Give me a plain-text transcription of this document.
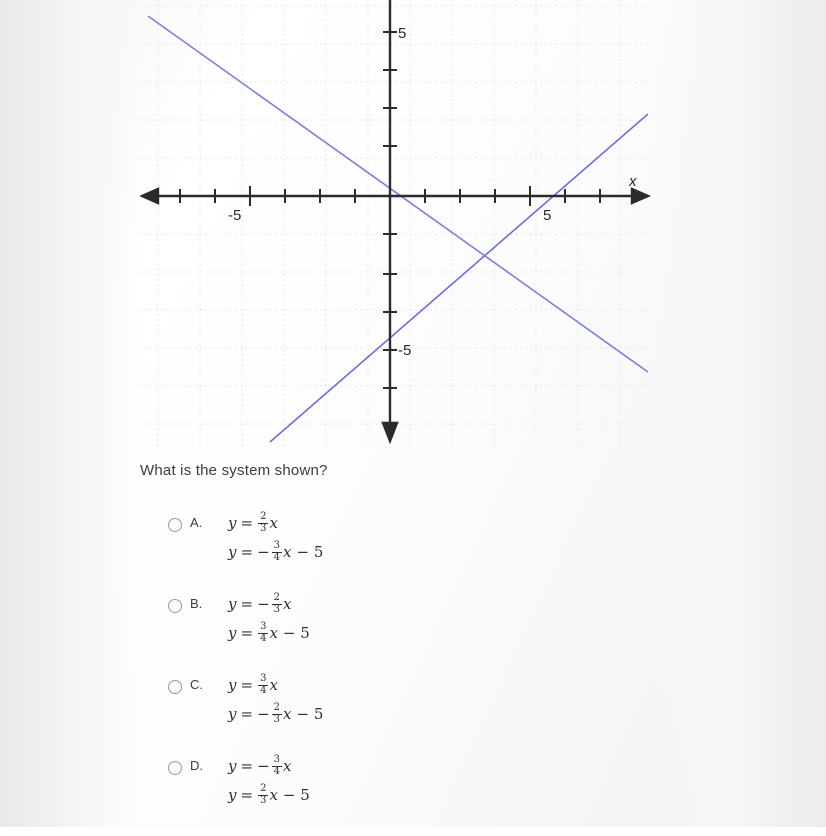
-5	5
5
-5
x
What is the system shown?
A.	$y = \frac{2}{3}$ x
y = − $\frac{3}{4}$ x − 5
B.	y = − $\frac{2}{3}$ x
$y = \frac{3}{4}$ x − 5
C.	$y = \frac{3}{4}$ x
y = − $\frac{2}{3}$ x − 5
D.	y = − $\frac{3}{4}$ x
$y = \frac{2}{3}$ x − 5
